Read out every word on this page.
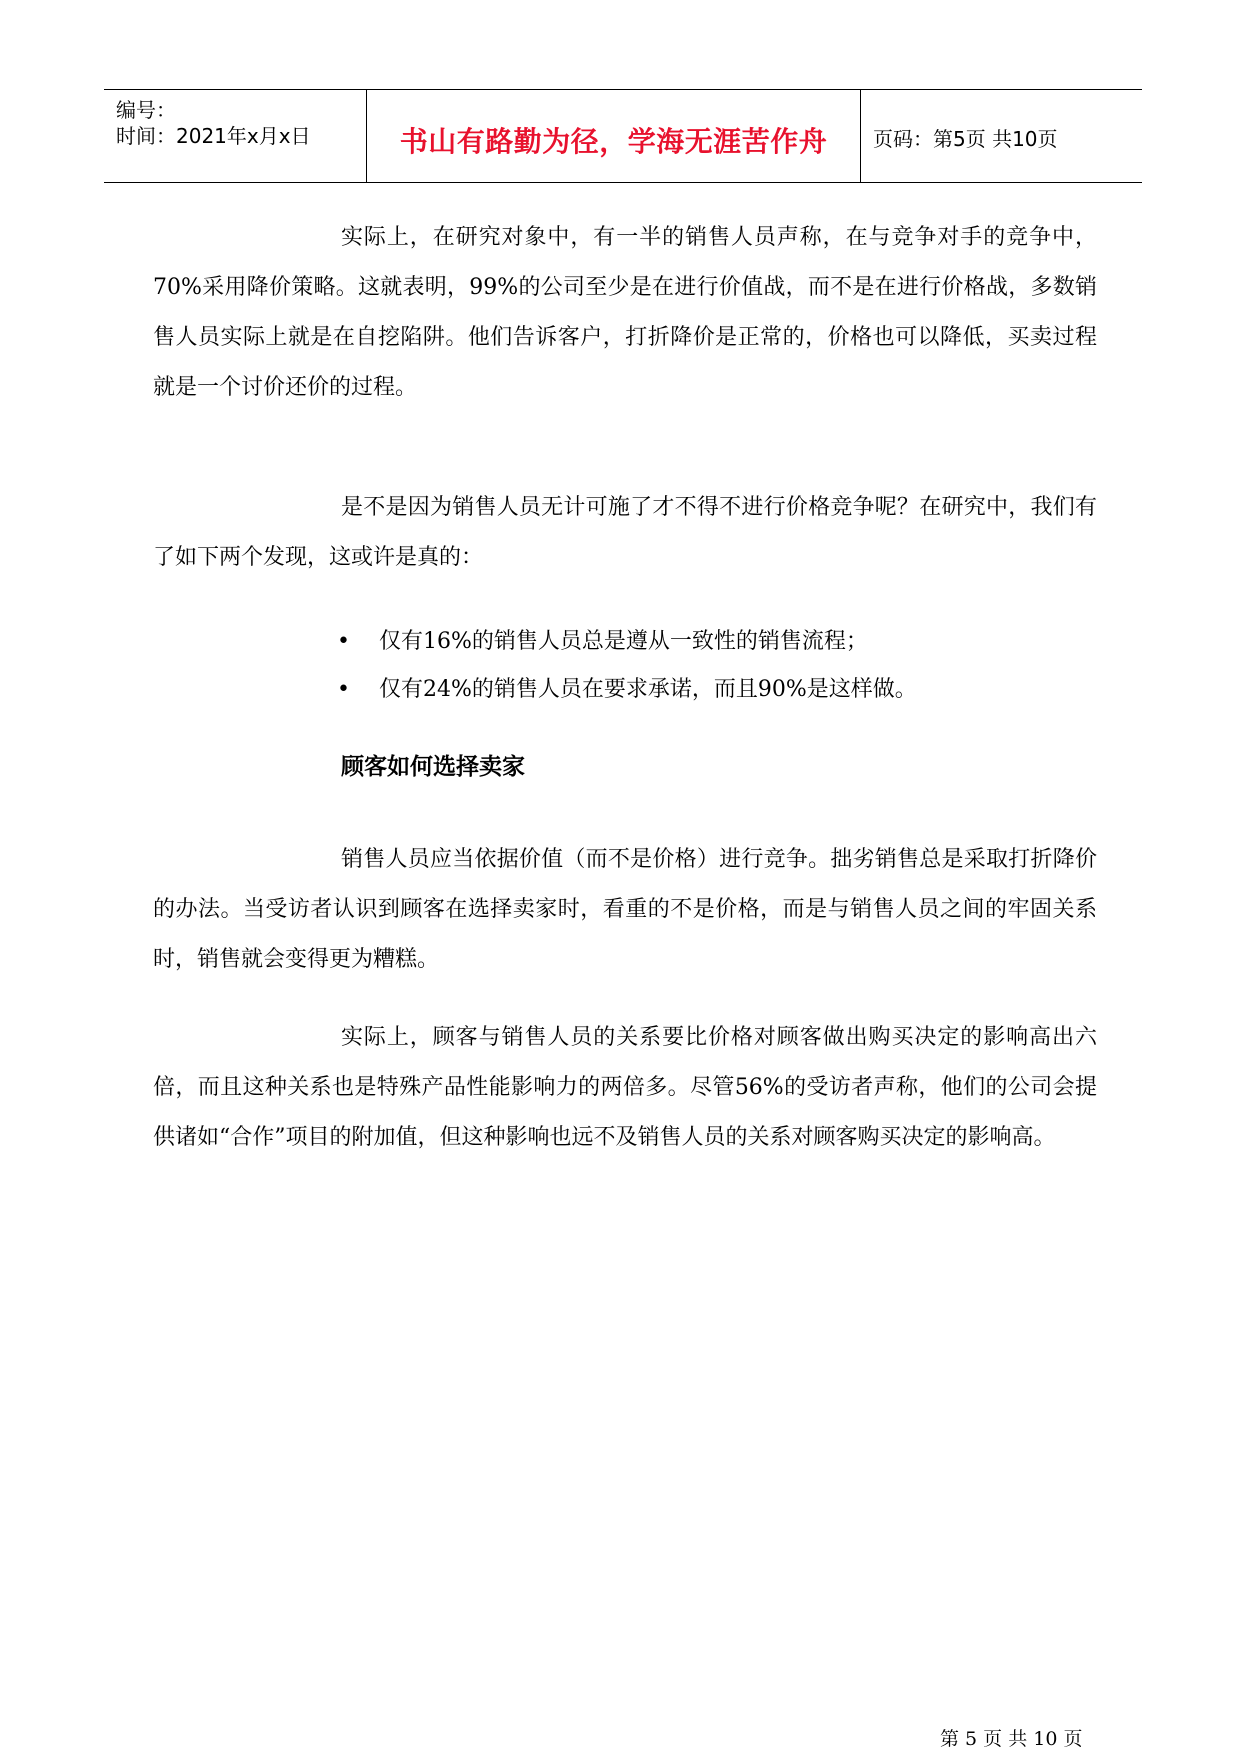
编号：
时间：2021年x月x日	书山有路勤为径，学海无涯苦作舟	页码：第5页 共10页

实际上，在研究对象中，有一半的销售人员声称，在与竞争对手的竞争中，70%采用降价策略。这就表明，99%的公司至少是在进行价值战，而不是在进行价格战，多数销售人员实际上就是在自挖陷阱。他们告诉客户，打折降价是正常的，价格也可以降低，买卖过程就是一个讨价还价的过程。

是不是因为销售人员无计可施了才不得不进行价格竞争呢？在研究中，我们有了如下两个发现，这或许是真的：

• 仅有16%的销售人员总是遵从一致性的销售流程；
• 仅有24%的销售人员在要求承诺，而且90%是这样做。
顾客如何选择卖家

销售人员应当依据价值（而不是价格）进行竞争。拙劣销售总是采取打折降价的办法。当受访者认识到顾客在选择卖家时，看重的不是价格，而是与销售人员之间的牢固关系时，销售就会变得更为糟糕。

实际上，顾客与销售人员的关系要比价格对顾客做出购买决定的影响高出六倍，而且这种关系也是特殊产品性能影响力的两倍多。尽管56%的受访者声称，他们的公司会提供诸如“合作”项目的附加值，但这种影响也远不及销售人员的关系对顾客购买决定的影响高。

第 5 页 共 10 页
